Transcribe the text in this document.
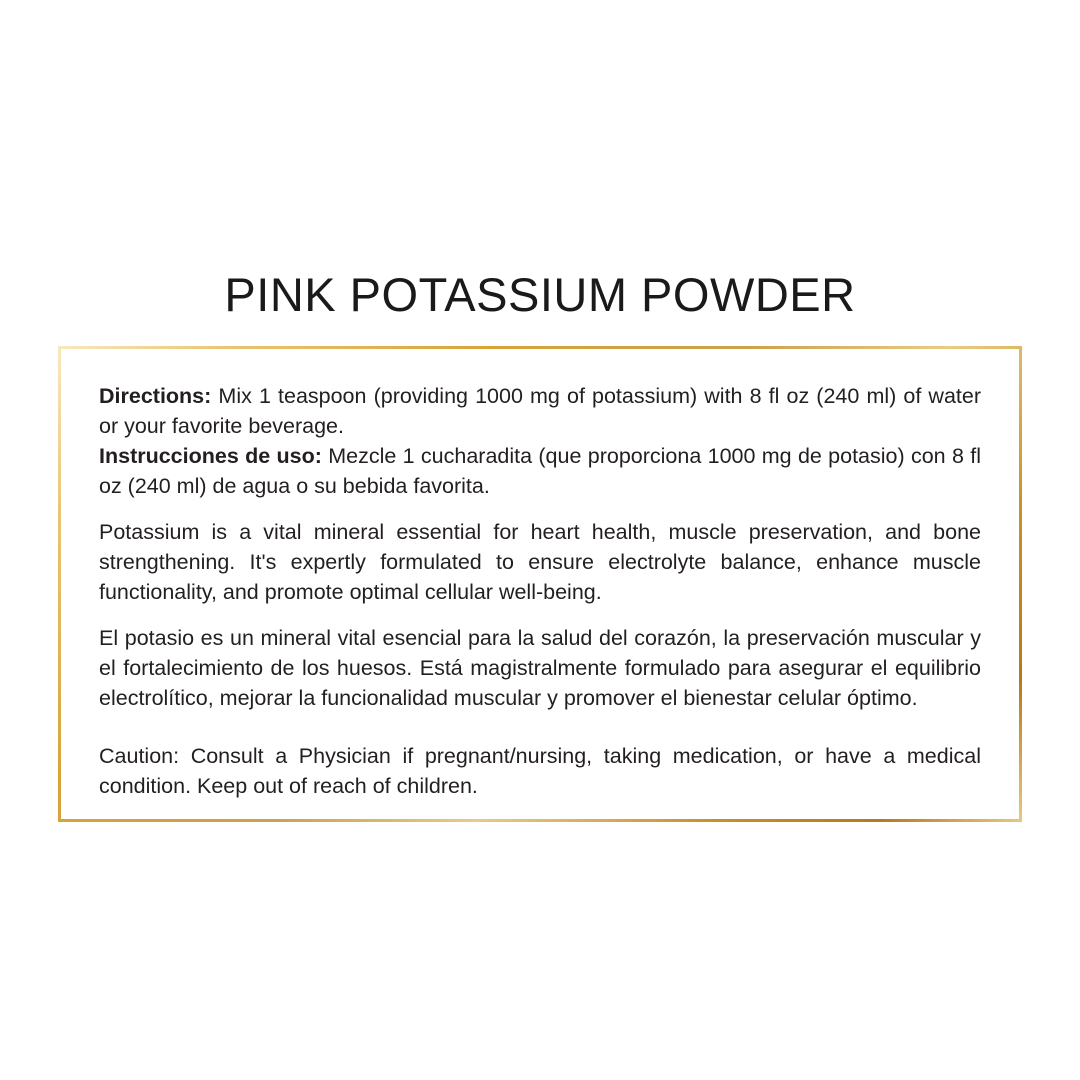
PINK POTASSIUM POWDER

Directions: Mix 1 teaspoon (providing 1000 mg of potassium) with 8 fl oz (240 ml) of water or your favorite beverage.

Instrucciones de uso: Mezcle 1 cucharadita (que proporciona 1000 mg de potasio) con 8 fl oz (240 ml) de agua o su bebida favorita.

Potassium is a vital mineral essential for heart health, muscle preservation, and bone strengthening. It's expertly formulated to ensure electrolyte balance, enhance muscle functionality, and promote optimal cellular well-being.

El potasio es un mineral vital esencial para la salud del corazón, la preservación muscular y el fortalecimiento de los huesos. Está magistralmente formulado para asegurar el equilibrio electrolítico, mejorar la funcionalidad muscular y promover el bienestar celular óptimo.

Caution: Consult a Physician if pregnant/nursing, taking medication, or have a medical condition. Keep out of reach of children.
